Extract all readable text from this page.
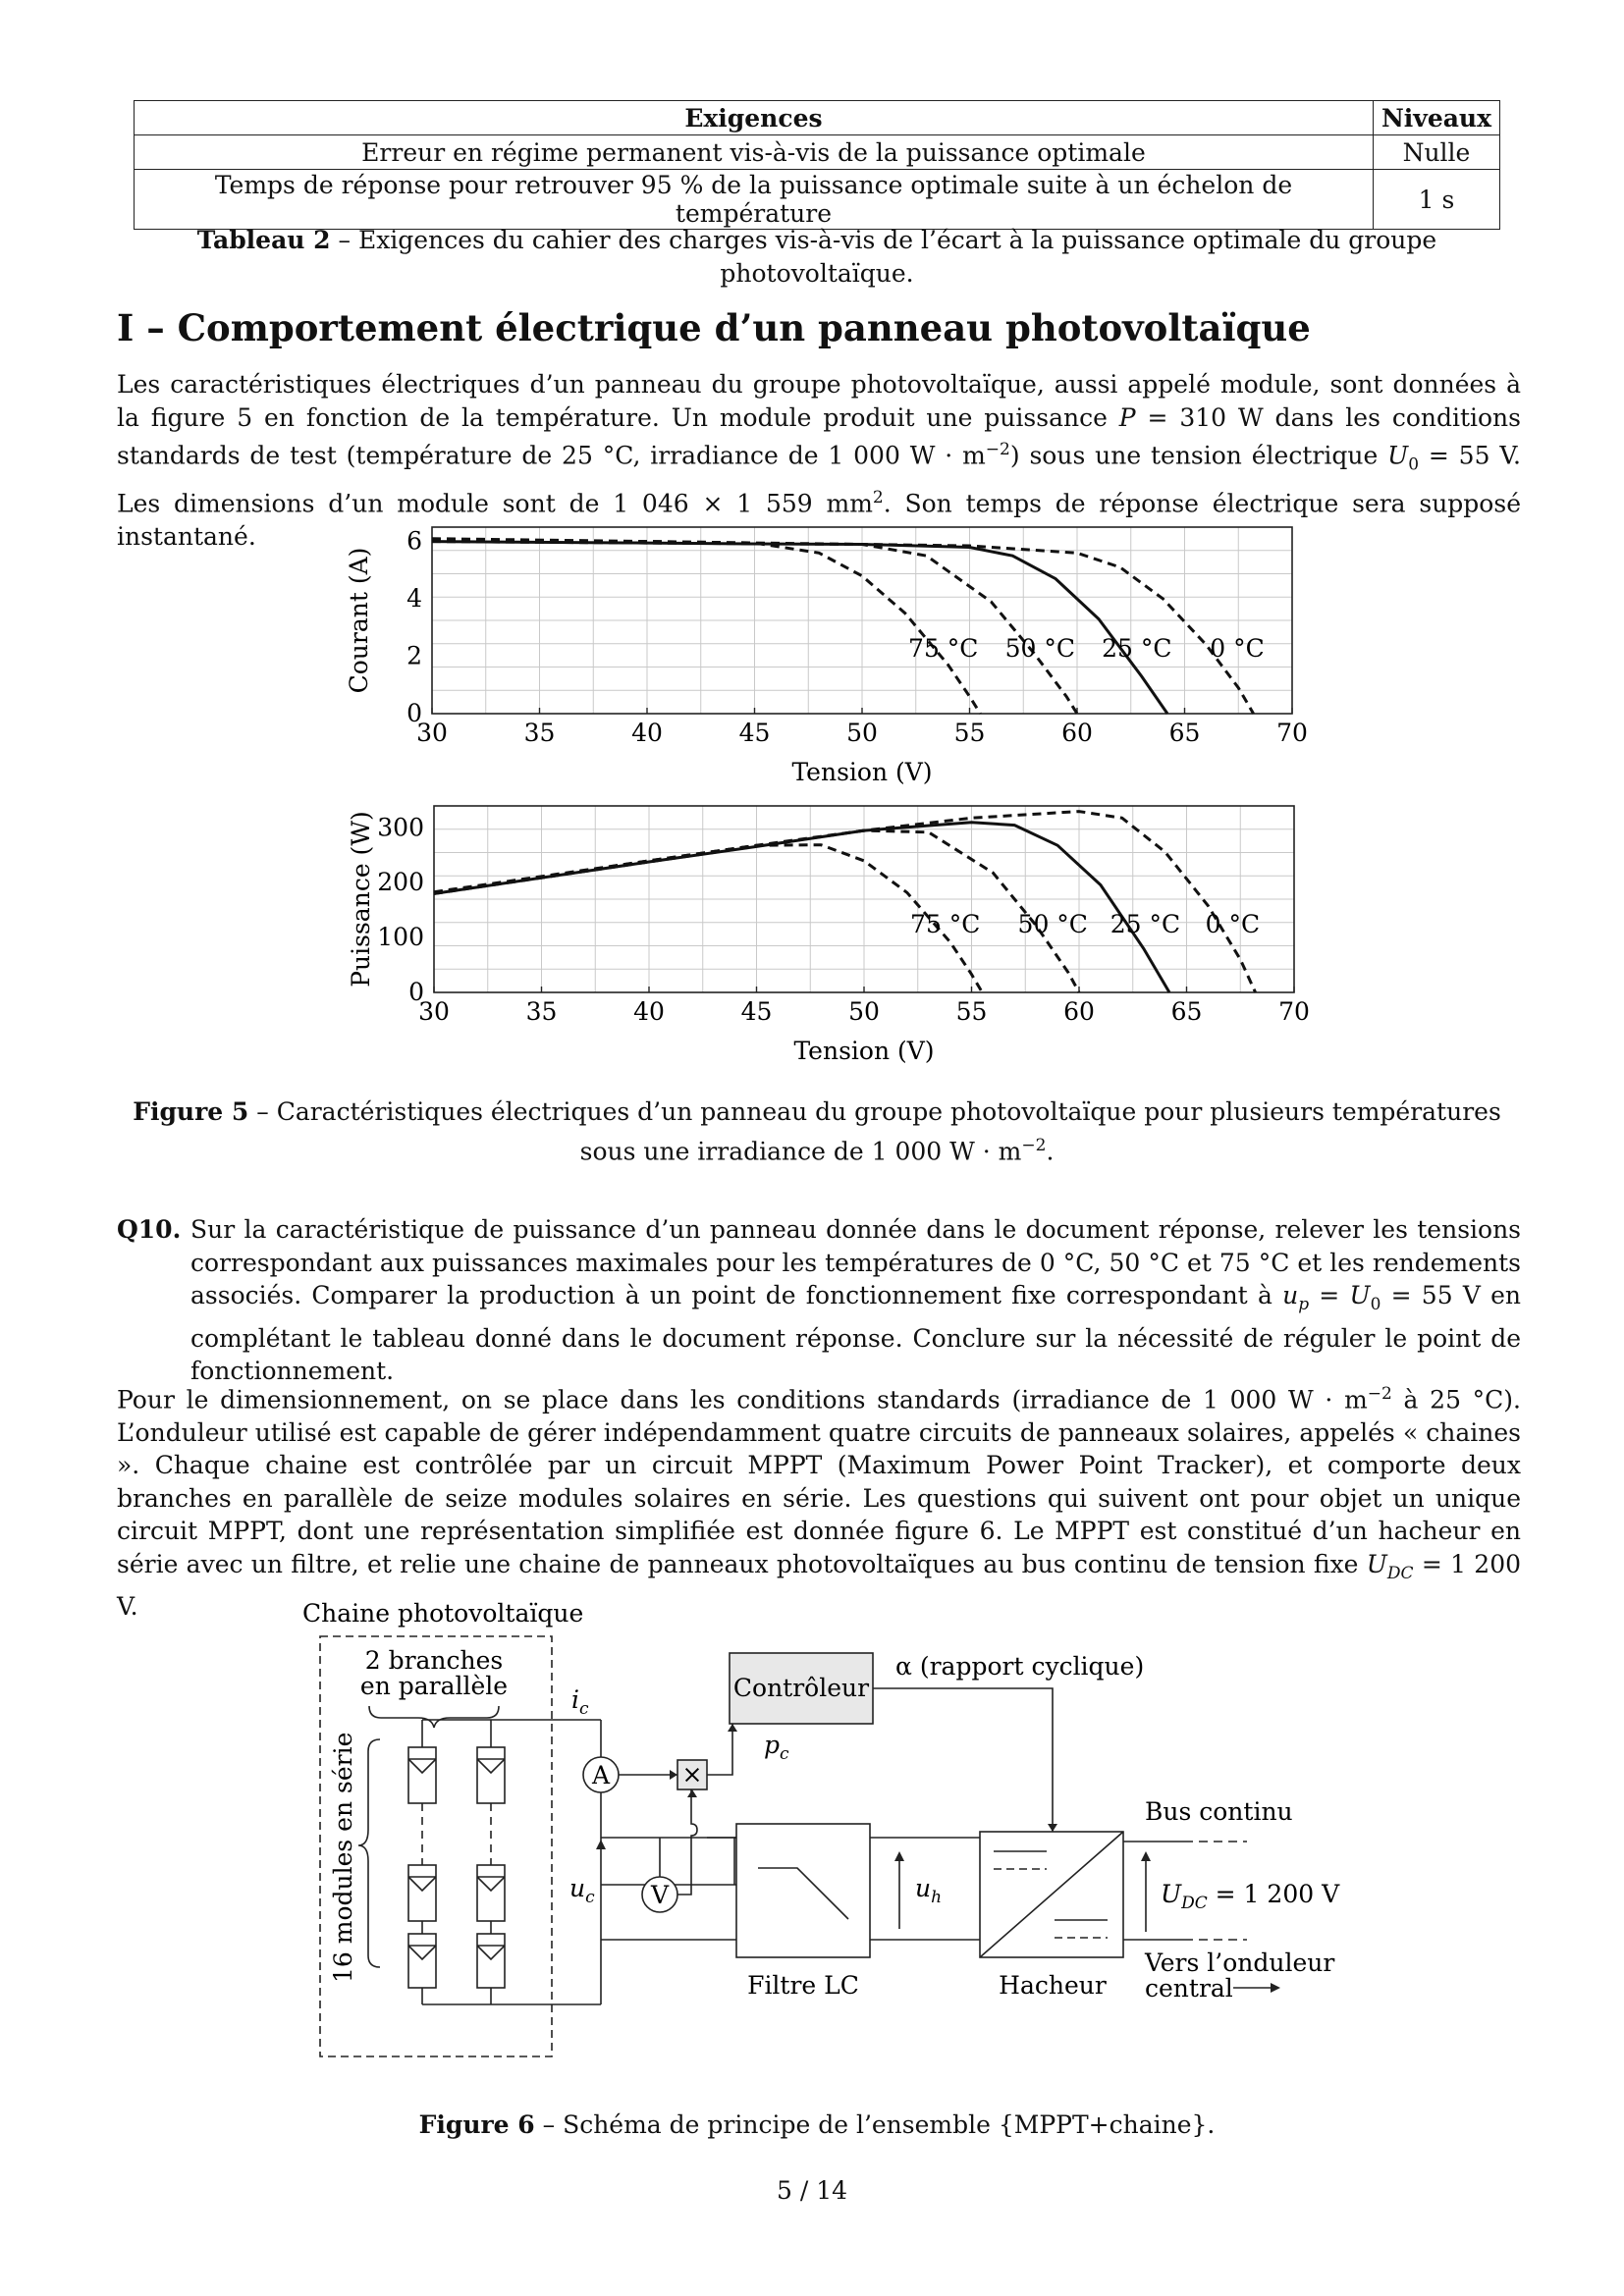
Exigences	Niveaux
Erreur en régime permanent vis-à-vis de la puissance optimale	Nulle
Temps de réponse pour retrouver 95 % de la puissance optimale suite à un échelon de température	1 s
Tableau 2 – Exigences du cahier des charges vis-à-vis de l’écart à la puissance optimale du groupe photovoltaïque.
I – Comportement électrique d’un panneau photovoltaïque
Les caractéristiques électriques d’un panneau du groupe photovoltaïque, aussi appelé module, sont données à la figure 5 en fonction de la température. Un module produit une puissance P = 310 W dans les conditions standards de test (température de 25 °C, irradiance de 1 000 $W \cdot m^{-2}$) sous une tension électrique $U_0 = 55$ V. Les dimensions d’un module sont de 1 046 × 1 559 $mm^2$. Son temps de réponse électrique sera supposé instantané.
30	35	40	45	50	55	60	65	70
0
2
4
6
Tension (V)
Courant (A)	75 °C 50 °C 25 °C 0 °C
30	35	40	45	50	55	60	65	70
0
100
200
300
Tension (V)
Puissance (W)	75 °C 50 °C 25 °C 0 °C
Figure 5 – Caractéristiques électriques d’un panneau du groupe photovoltaïque pour plusieurs températures sous une irradiance de 1 000 $W \cdot m^{-2}$.
Q10. Sur la caractéristique de puissance d’un panneau donnée dans le document réponse, relever les tensions correspondant aux puissances maximales pour les températures de 0 °C, 50 °C et 75 °C et les rendements associés. Comparer la production à un point de fonctionnement fixe correspondant à $u_p = U_0 = 55$ V en complétant le tableau donné dans le document réponse. Conclure sur la nécessité de réguler le point de fonctionnement.
Pour le dimensionnement, on se place dans les conditions standards (irradiance de 1 000 $W \cdot m^{-2}$ à 25 °C). L’onduleur utilisé est capable de gérer indépendamment quatre circuits de panneaux solaires, appelés « chaines ». Chaque chaine est contrôlée par un circuit MPPT (Maximum Power Point Tracker), et comporte deux branches en parallèle de seize modules solaires en série. Les questions qui suivent ont pour objet un unique circuit MPPT, dont une représentation simplifiée est donnée figure 6. Le MPPT est constitué d’un hacheur en série avec un filtre, et relie une chaine de panneaux photovoltaïques au bus continu de tension fixe $U_{DC} = 1$ 200 V.	Chaine photovoltaïque
2 branches
en parallèle
16 modules en série
$i_c$
A	×
$p_c$
Contrôleur
α (rapport cyclique)
$u_c$ V
Filtre LC
$u_h$
Hacheur
Bus continu
$U_{DC} = 1$ 200 V
Vers l’onduleur
central
Figure 6 – Schéma de principe de l’ensemble {MPPT+chaine}.
5 / 14
